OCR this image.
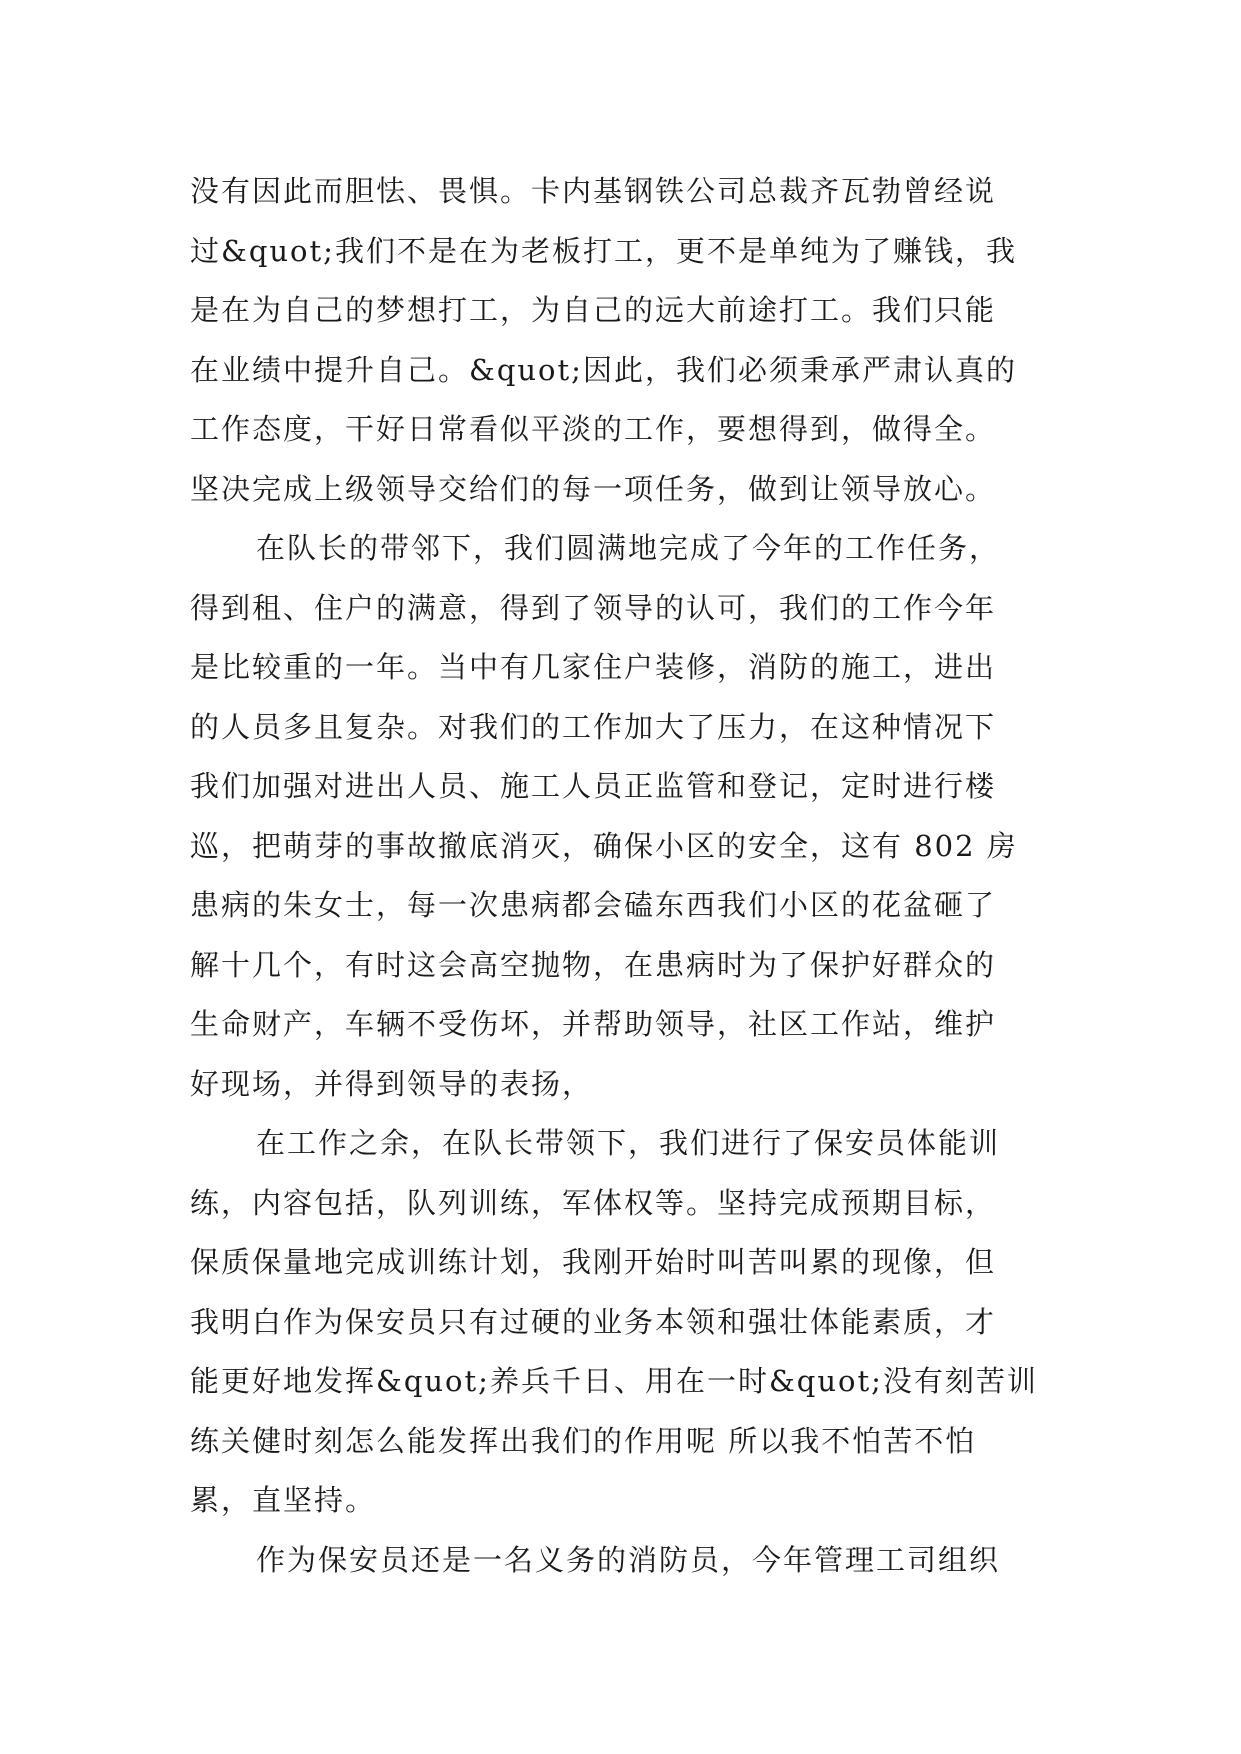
没有因此而胆怯、畏惧。卡内基钢铁公司总裁齐瓦勃曾经说
过&quot;我们不是在为老板打工，更不是单纯为了赚钱，我
是在为自己的梦想打工，为自己的远大前途打工。我们只能
在业绩中提升自己。&quot;因此，我们必须秉承严肃认真的
工作态度，干好日常看似平淡的工作，要想得到，做得全。
坚决完成上级领导交给们的每一项任务，做到让领导放心。
在队长的带邻下，我们圆满地完成了今年的工作任务，
得到租、住户的满意，得到了领导的认可，我们的工作今年
是比较重的一年。当中有几家住户装修，消防的施工，进出
的人员多且复杂。对我们的工作加大了压力，在这种情况下
我们加强对进出人员、施工人员正监管和登记，定时进行楼
巡，把萌芽的事故撤底消灭，确保小区的安全，这有 802 房
患病的朱女士，每一次患病都会磕东西我们小区的花盆砸了
解十几个，有时这会高空抛物，在患病时为了保护好群众的
生命财产，车辆不受伤坏，并帮助领导，社区工作站，维护
好现场，并得到领导的表扬，
在工作之余，在队长带领下，我们进行了保安员体能训
练，内容包括，队列训练，军体权等。坚持完成预期目标，
保质保量地完成训练计划，我刚开始时叫苦叫累的现像，但
我明白作为保安员只有过硬的业务本领和强壮体能素质，才
能更好地发挥&quot;养兵千日、用在一时&quot;没有刻苦训
练关健时刻怎么能发挥出我们的作用呢 所以我不怕苦不怕
累，直坚持。
作为保安员还是一名义务的消防员，今年管理工司组织
